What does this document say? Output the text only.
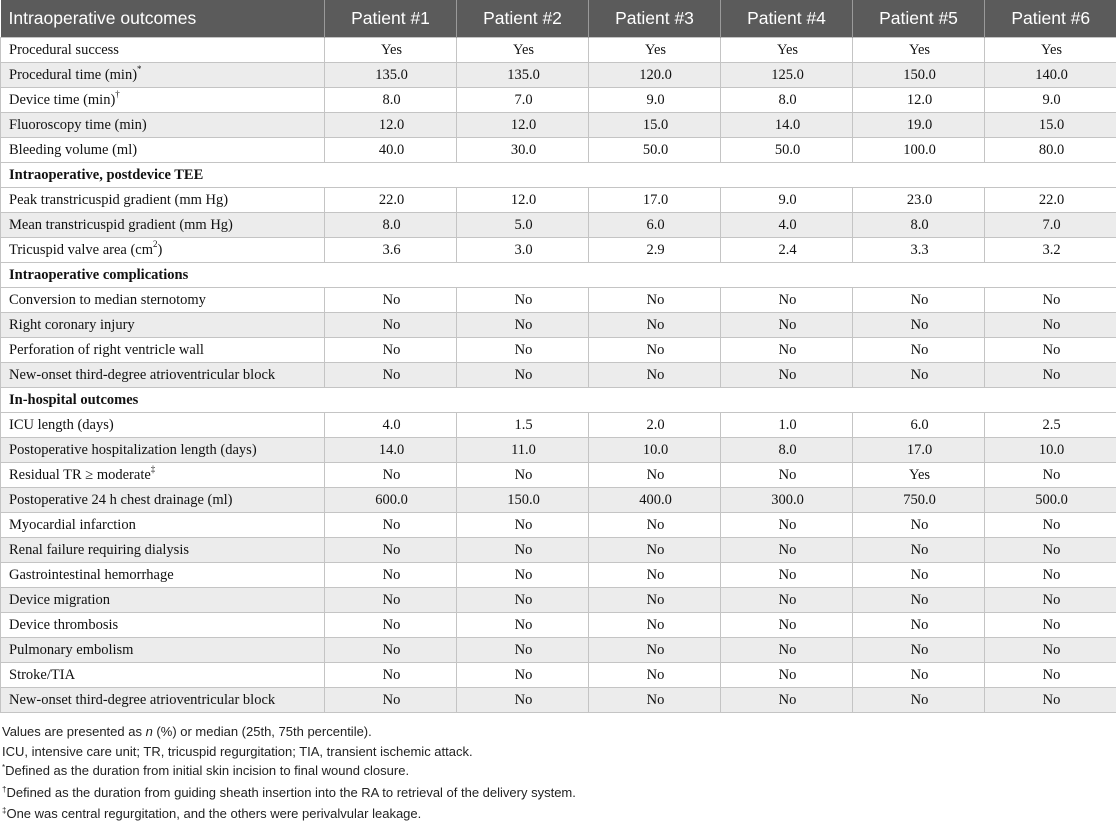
Intraoperative outcomes	Patient #1	Patient #2	Patient #3	Patient #4	Patient #5	Patient #6
Procedural success	Yes	Yes	Yes	Yes	Yes	Yes
Procedural time (min)*	135.0	135.0	120.0	125.0	150.0	140.0
Device time (min)†	8.0	7.0	9.0	8.0	12.0	9.0
Fluoroscopy time (min)	12.0	12.0	15.0	14.0	19.0	15.0
Bleeding volume (ml)	40.0	30.0	50.0	50.0	100.0	80.0
Intraoperative, postdevice TEE						
Peak transtricuspid gradient (mm Hg)	22.0	12.0	17.0	9.0	23.0	22.0
Mean transtricuspid gradient (mm Hg)	8.0	5.0	6.0	4.0	8.0	7.0
Tricuspid valve area $(cm^2)$	3.6	3.0	2.9	2.4	3.3	3.2
Intraoperative complications						
Conversion to median sternotomy	No	No	No	No	No	No
Right coronary injury	No	No	No	No	No	No
Perforation of right ventricle wall	No	No	No	No	No	No
New-onset third-degree atrioventricular block	No	No	No	No	No	No
In-hospital outcomes						
ICU length (days)	4.0	1.5	2.0	1.0	6.0	2.5
Postoperative hospitalization length (days)	14.0	11.0	10.0	8.0	17.0	10.0
Residual TR ≥ moderate‡	No	No	No	No	Yes	No
Postoperative 24 h chest drainage (ml)	600.0	150.0	400.0	300.0	750.0	500.0
Myocardial infarction	No	No	No	No	No	No
Renal failure requiring dialysis	No	No	No	No	No	No
Gastrointestinal hemorrhage	No	No	No	No	No	No
Device migration	No	No	No	No	No	No
Device thrombosis	No	No	No	No	No	No
Pulmonary embolism	No	No	No	No	No	No
Stroke/TIA	No	No	No	No	No	No
New-onset third-degree atrioventricular block	No	No	No	No	No	No
Values are presented as n (%) or median (25th, 75th percentile).
ICU, intensive care unit; TR, tricuspid regurgitation; TIA, transient ischemic attack.
*Defined as the duration from initial skin incision to final wound closure.
†Defined as the duration from guiding sheath insertion into the RA to retrieval of the delivery system.
‡One was central regurgitation, and the others were perivalvular leakage.
